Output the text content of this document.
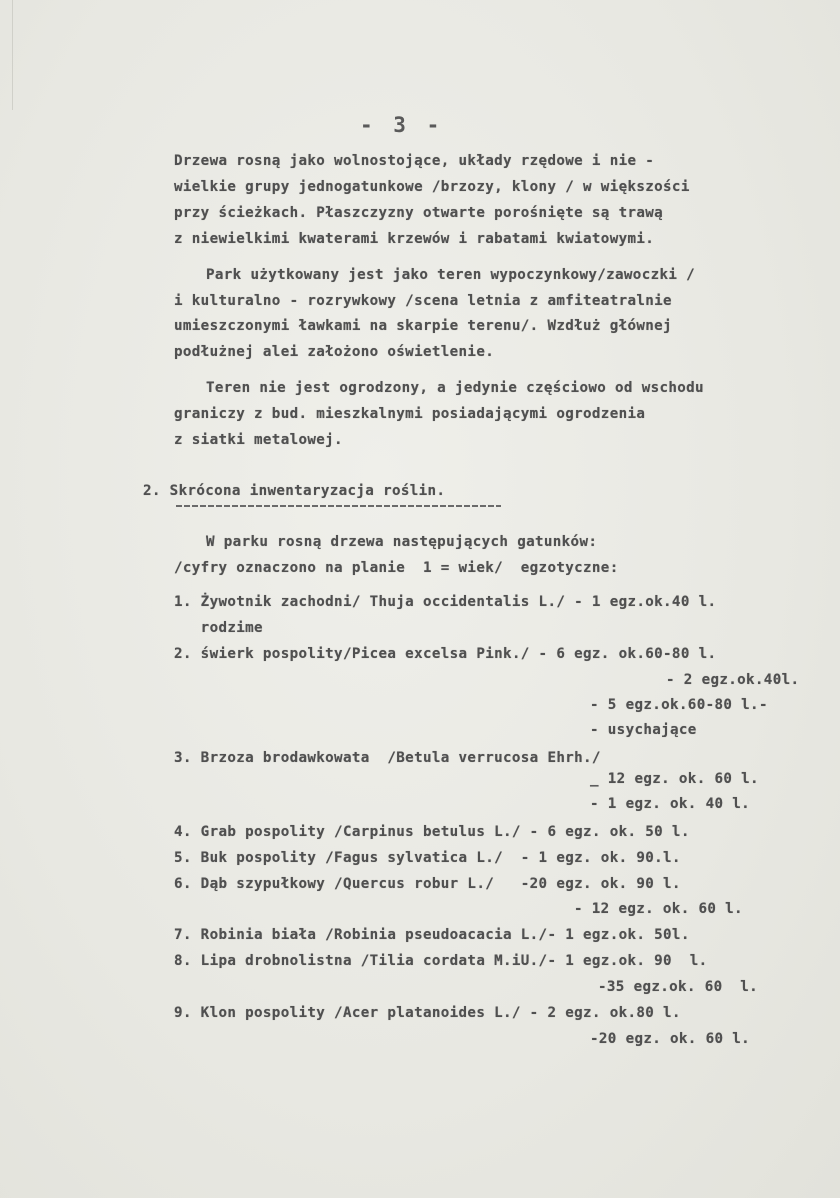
- 3 -
Drzewa rosną jako wolnostojące, układy rzędowe i nie -
wielkie grupy jednogatunkowe /brzozy, klony / w większości
przy ścieżkach. Płaszczyzny otwarte porośnięte są trawą
z niewielkimi kwaterami krzewów i rabatami kwiatowymi.
Park użytkowany jest jako teren wypoczynkowy/zawoczki /
i kulturalno - rozrywkowy /scena letnia z amfiteatralnie
umieszczonymi ławkami na skarpie terenu/. Wzdłuż głównej
podłużnej alei założono oświetlenie.
Teren nie jest ogrodzony, a jedynie częściowo od wschodu
graniczy z bud. mieszkalnymi posiadającymi ogrodzenia
z siatki metalowej.
2. Skrócona inwentaryzacja roślin.
W parku rosną drzewa następujących gatunków:
/cyfry oznaczono na planie  1 = wiek/  egzotyczne:
1. Żywotnik zachodni/ Thuja occidentalis L./ - 1 egz.ok.40 l.
rodzime
2. świerk pospolity/Picea excelsa Pink./ - 6 egz. ok.60-80 l.
- 2 egz.ok.40l.
- 5 egz.ok.60-80 l.-
- usychające
3. Brzoza brodawkowata  /Betula verrucosa Ehrh./
_ 12 egz. ok. 60 l.
- 1 egz. ok. 40 l.
4. Grab pospolity /Carpinus betulus L./ - 6 egz. ok. 50 l.
5. Buk pospolity /Fagus sylvatica L./  - 1 egz. ok. 90.l.
6. Dąb szypułkowy /Quercus robur L./   -20 egz. ok. 90 l.
- 12 egz. ok. 60 l.
7. Robinia biała /Robinia pseudoacacia L./- 1 egz.ok. 50l.
8. Lipa drobnolistna /Tilia cordata M.iU./- 1 egz.ok. 90  l.
-35 egz.ok. 60  l.
9. Klon pospolity /Acer platanoides L./ - 2 egz. ok.80 l.
-20 egz. ok. 60 l.
